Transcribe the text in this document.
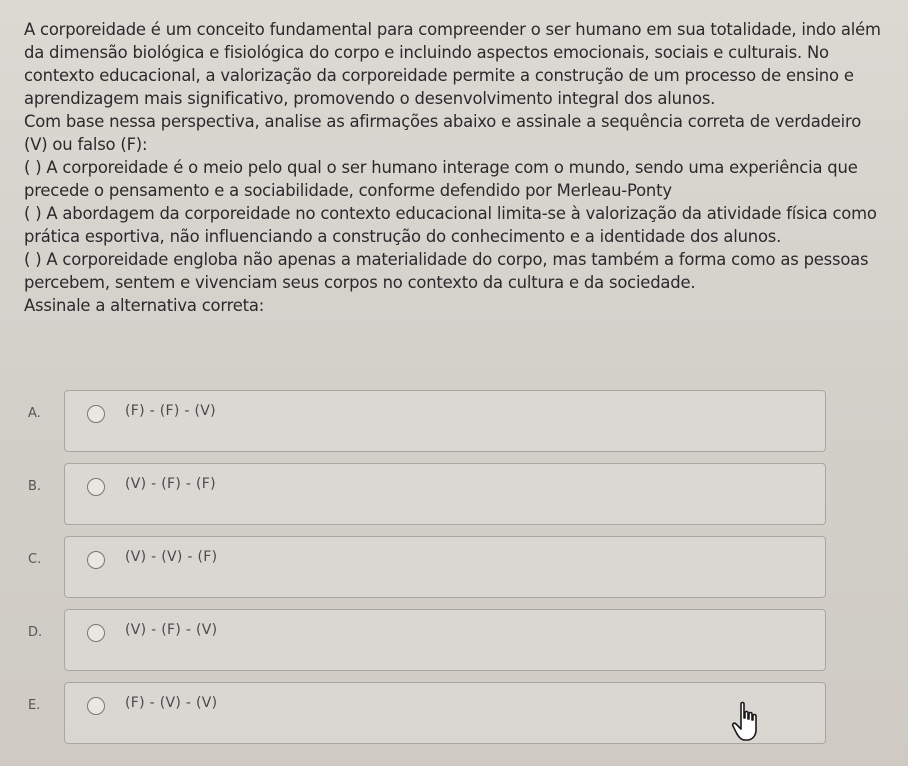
A corporeidade é um conceito fundamental para compreender o ser humano em sua totalidade, indo além da dimensão biológica e fisiológica do corpo e incluindo aspectos emocionais, sociais e culturais. No contexto educacional, a valorização da corporeidade permite a construção de um processo de ensino e aprendizagem mais significativo, promovendo o desenvolvimento integral dos alunos.

Com base nessa perspectiva, analise as afirmações abaixo e assinale a sequência correta de verdadeiro (V) ou falso (F):

( ) A corporeidade é o meio pelo qual o ser humano interage com o mundo, sendo uma experiência que precede o pensamento e a sociabilidade, conforme defendido por Merleau-Ponty

( ) A abordagem da corporeidade no contexto educacional limita-se à valorização da atividade física como prática esportiva, não influenciando a construção do conhecimento e a identidade dos alunos.

( ) A corporeidade engloba não apenas a materialidade do corpo, mas também a forma como as pessoas percebem, sentem e vivenciam seus corpos no contexto da cultura e da sociedade.

Assinale a alternativa correta:

A.	(F) - (F) - (V)
B.	(V) - (F) - (F)
C.	(V) - (V) - (F)
D.	(V) - (F) - (V)
E.	(F) - (V) - (V)
